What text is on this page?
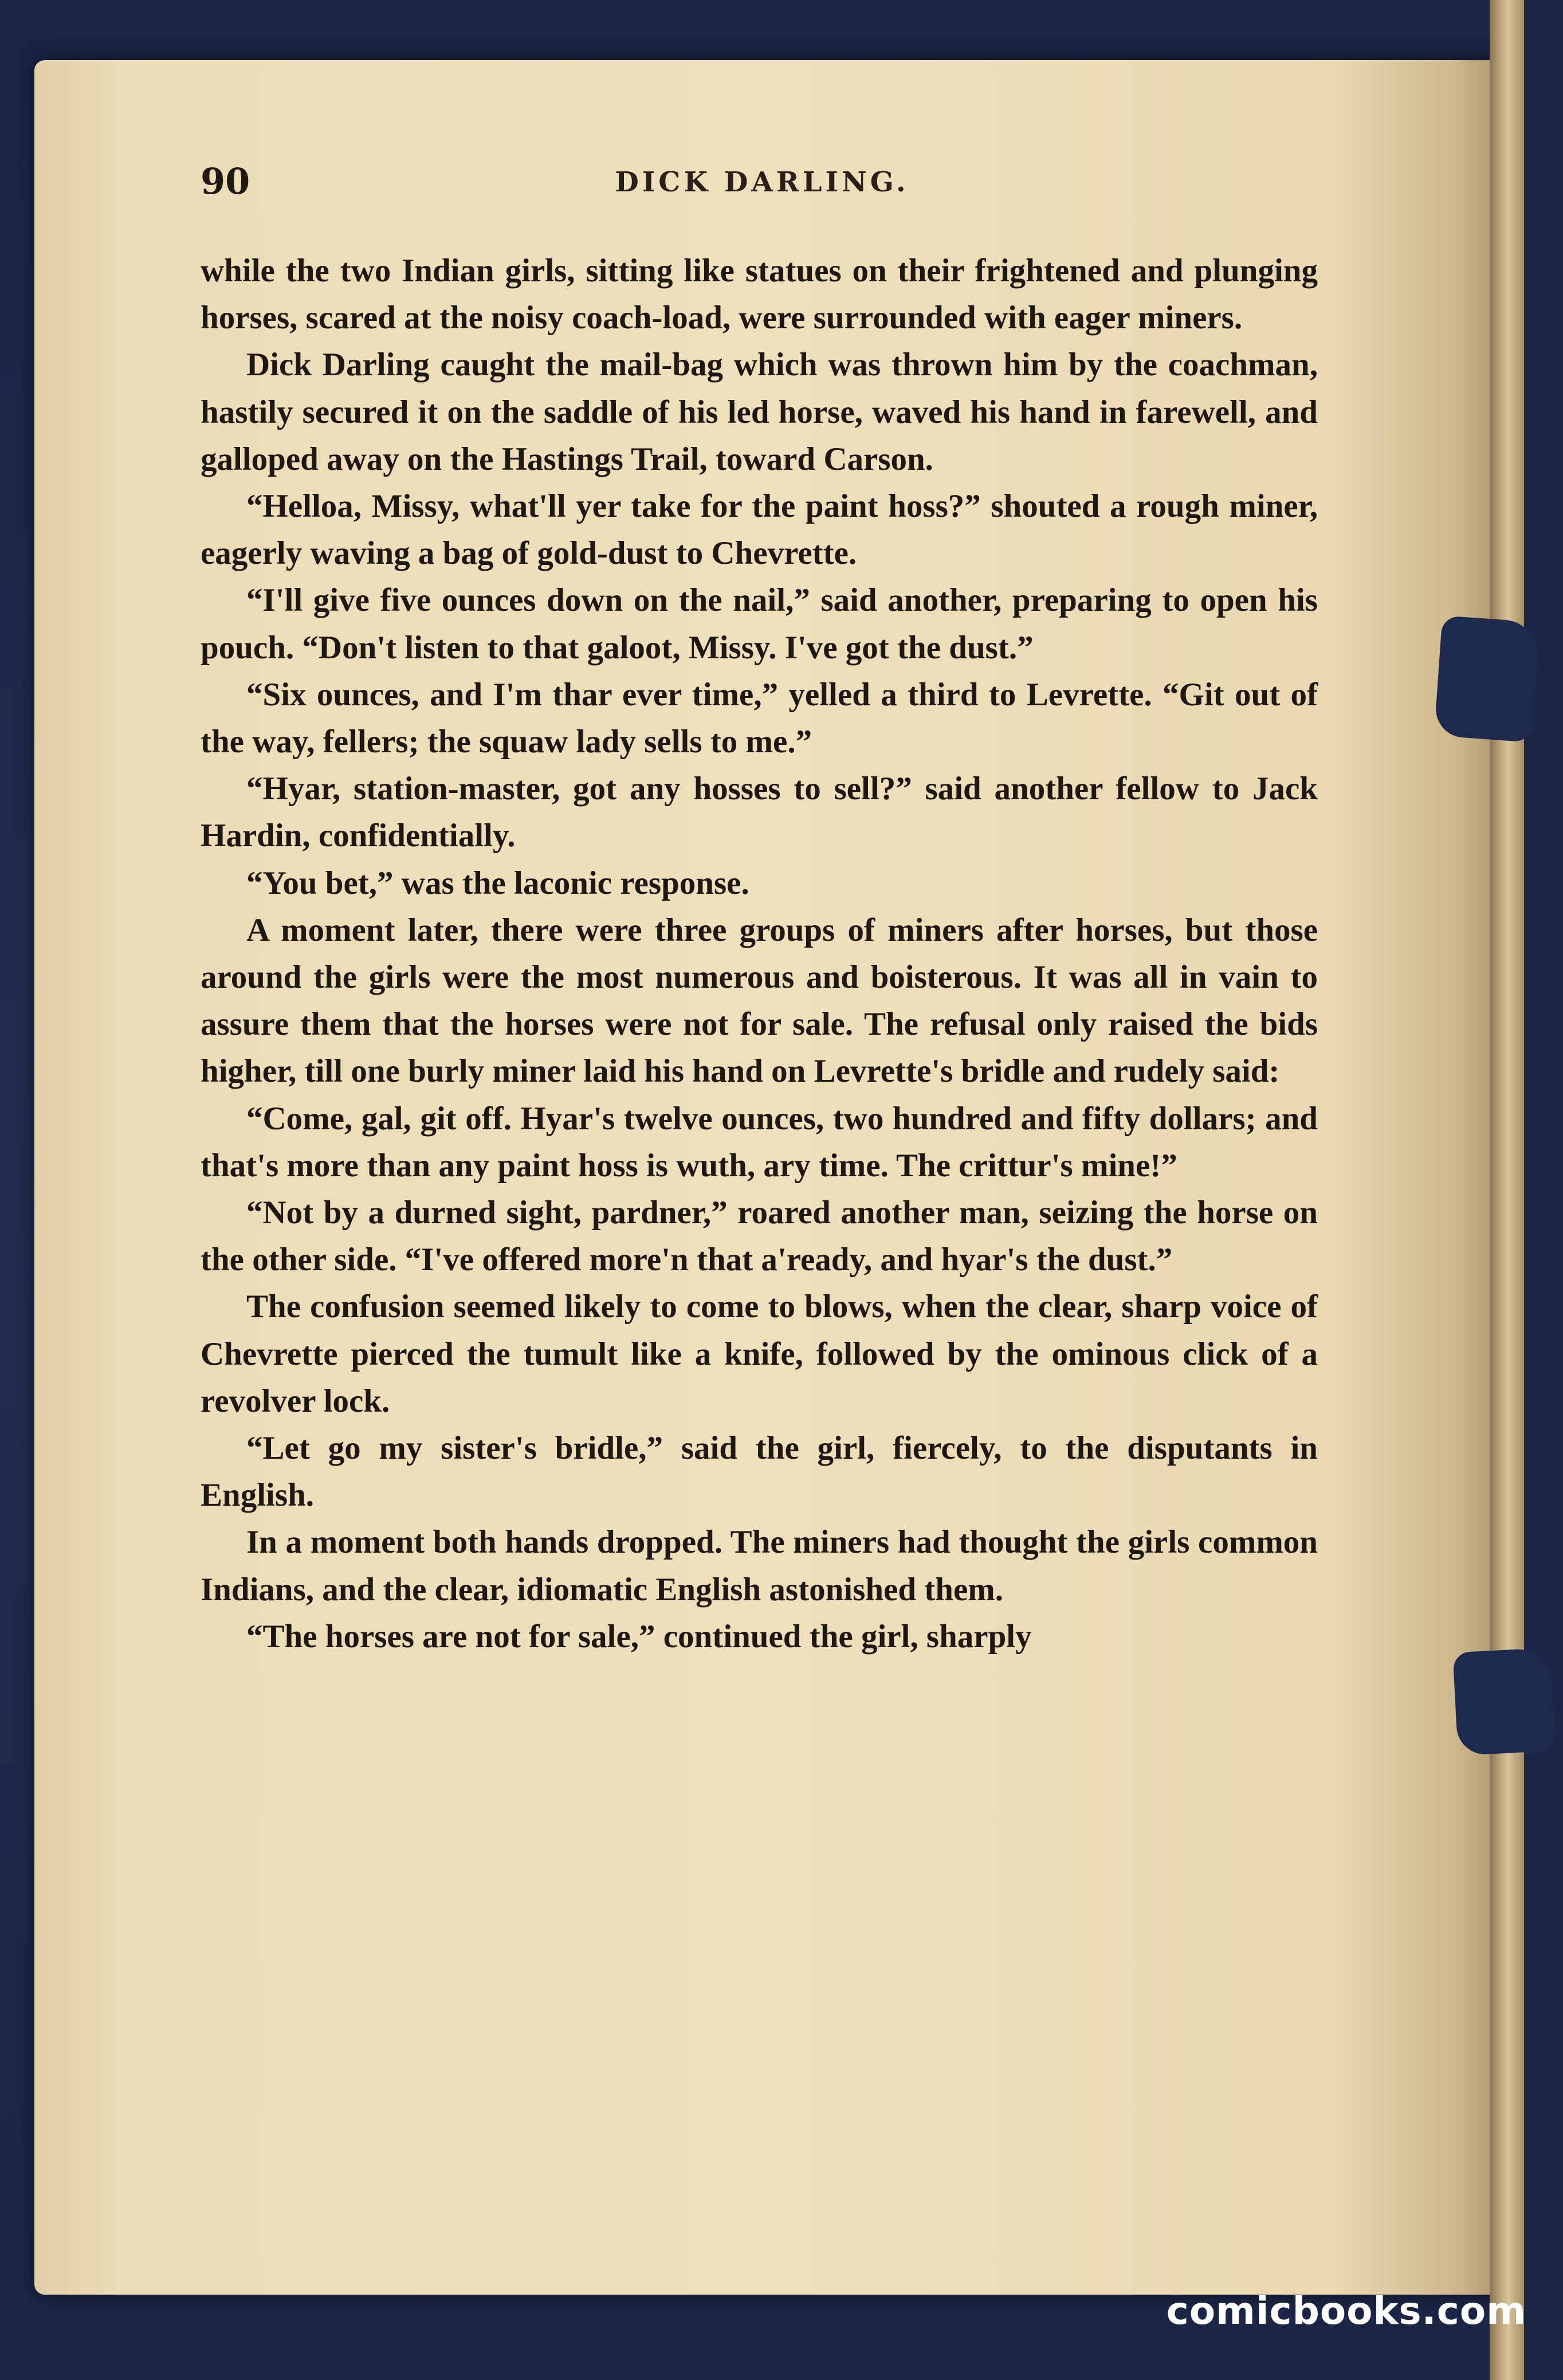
90	DICK DARLING.

while the two Indian girls, sitting like statues on their frightened and plunging horses, scared at the noisy coach-load, were surrounded with eager miners.

Dick Darling caught the mail-bag which was thrown him by the coachman, hastily secured it on the saddle of his led horse, waved his hand in farewell, and galloped away on the Hastings Trail, toward Carson.

“Helloa, Missy, what'll yer take for the paint hoss?” shouted a rough miner, eagerly waving a bag of gold-dust to Chevrette.

“I'll give five ounces down on the nail,” said another, preparing to open his pouch. “Don't listen to that galoot, Missy. I've got the dust.”

“Six ounces, and I'm thar ever time,” yelled a third to Levrette. “Git out of the way, fellers; the squaw lady sells to me.”

“Hyar, station-master, got any hosses to sell?” said another fellow to Jack Hardin, confidentially.

“You bet,” was the laconic response.

A moment later, there were three groups of miners after horses, but those around the girls were the most numerous and boisterous. It was all in vain to assure them that the horses were not for sale. The refusal only raised the bids higher, till one burly miner laid his hand on Levrette's bridle and rudely said:

“Come, gal, git off. Hyar's twelve ounces, two hundred and fifty dollars; and that's more than any paint hoss is wuth, ary time. The crittur's mine!”

“Not by a durned sight, pardner,” roared another man, seizing the horse on the other side. “I've offered more'n that a'ready, and hyar's the dust.”

The confusion seemed likely to come to blows, when the clear, sharp voice of Chevrette pierced the tumult like a knife, followed by the ominous click of a revolver lock.

“Let go my sister's bridle,” said the girl, fiercely, to the disputants in English.

In a moment both hands dropped. The miners had thought the girls common Indians, and the clear, idiomatic English astonished them.

“The horses are not for sale,” continued the girl, sharply

comicbooks.com
